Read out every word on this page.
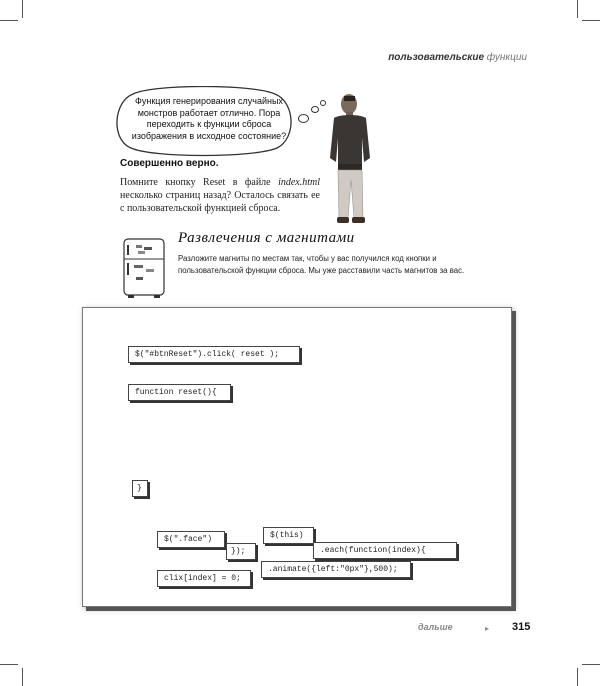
пользовательские функции
Функция генерирования случайных монстров работает отлично. Пора переходить к функции сброса изображения в исходное состояние?
Совершенно верно.
Помните кнопку Reset в файле index.html несколько страниц назад? Осталось связать ее с пользовательской функцией сброса.
Развлечения с магнитами
Разложите магниты по местам так, чтобы у вас получился код кнопки и пользовательской функции сброса. Мы уже расставили часть магнитов за вас.
$("#btnReset").click( reset );
function reset(){
}
$(".face")
});
$(this)
.each(function(index){
.animate({left:"0px"},500);
clix[index] = 0;
дальше	▸ 315
